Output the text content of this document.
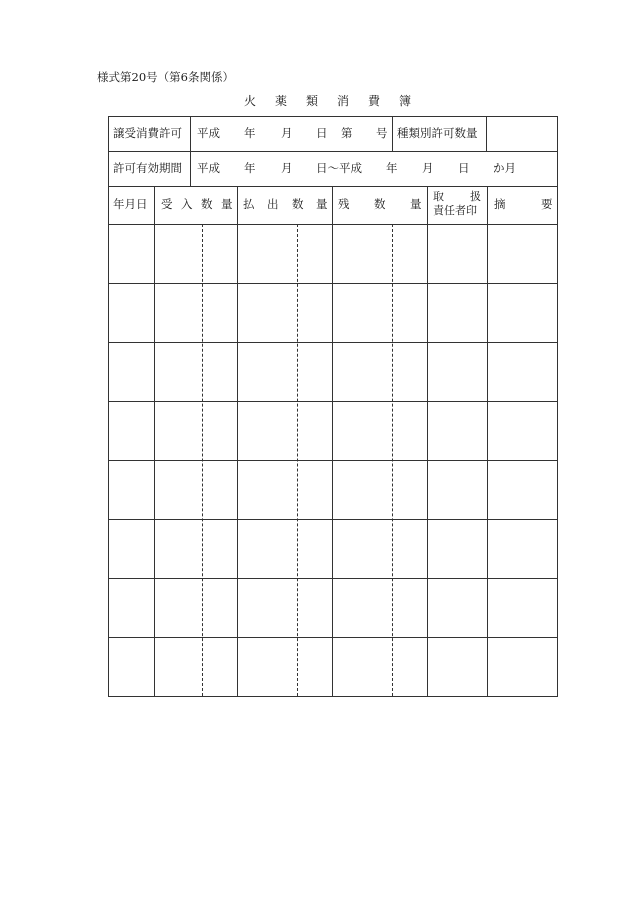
様式第20号（第6条関係）
火 薬 類 消 費 簿
譲受消費許可 平成 年 月 日 第 号 種類別許可数量
許可有効期間 平成 年 月 日〜平成 年 月 日 か月
年月日 受 入 数 量 払 出 数 量 残 数 量
取 扱
責任者印 摘	要
